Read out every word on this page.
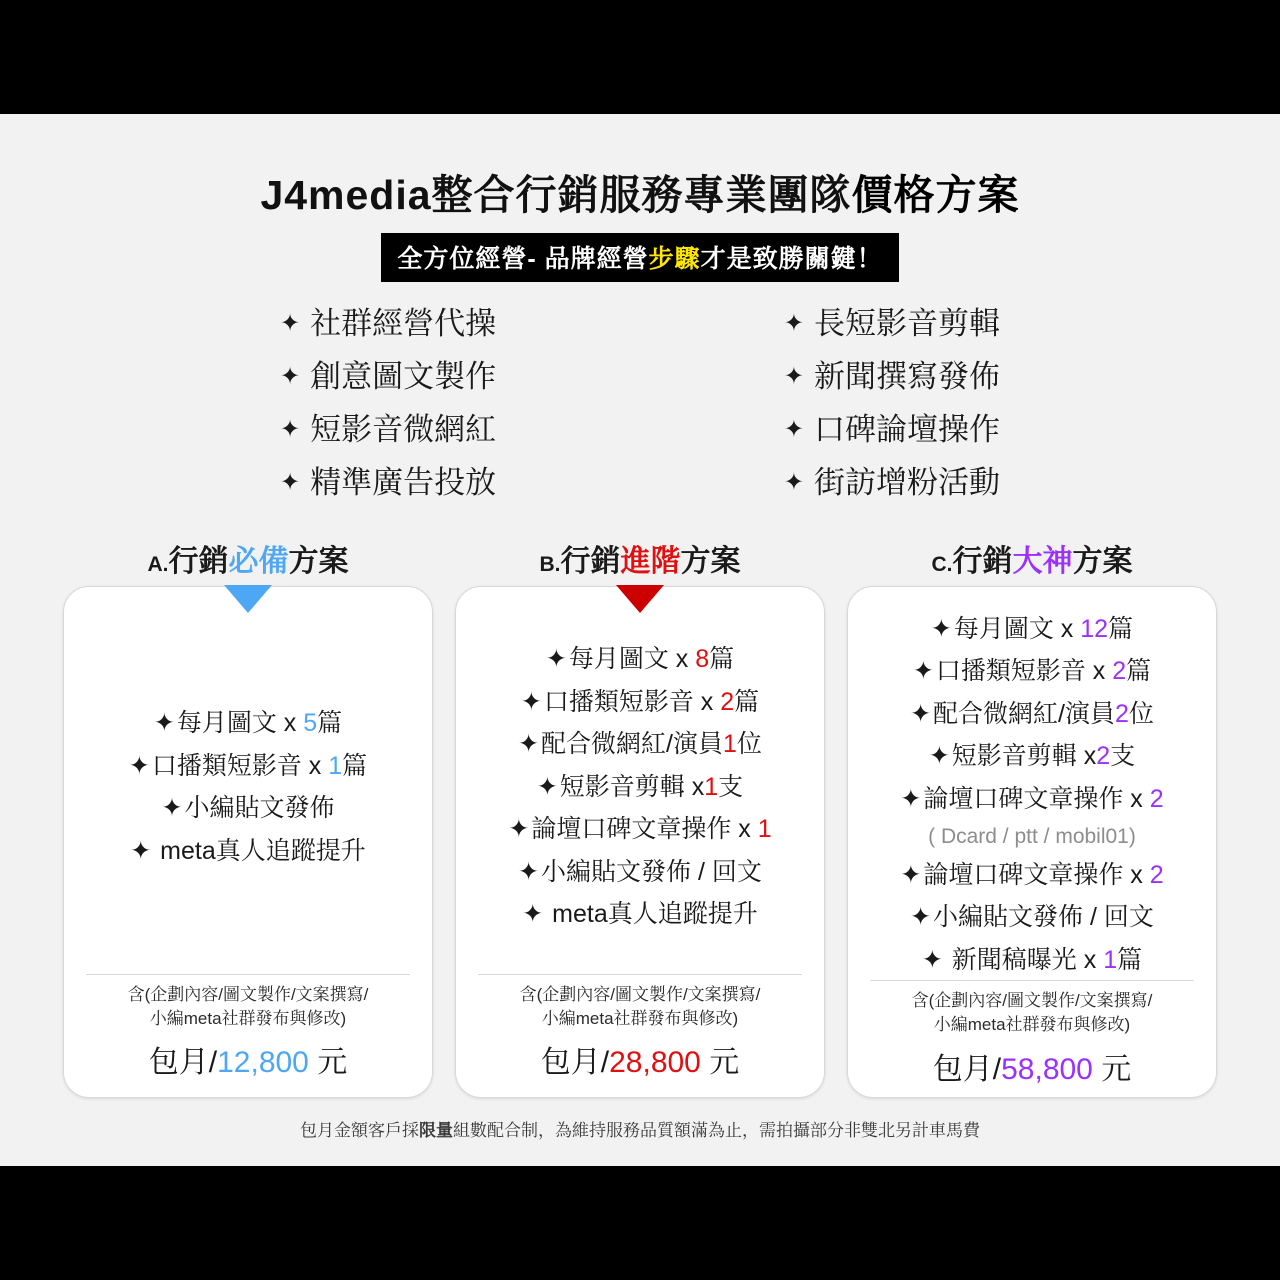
J4media整合行銷服務專業團隊價格方案
全方位經營- 品牌經營步驟才是致勝關鍵！
✦ 社群經營代操
✦ 創意圖文製作
✦ 短影音微網紅
✦ 精準廣告投放
✦ 長短影音剪輯
✦ 新聞撰寫發佈
✦ 口碑論壇操作
✦ 街訪增粉活動
A.行銷必備方案
✦每月圖文 x 5篇
✦口播類短影音 x 1篇
✦小編貼文發佈
✦ meta真人追蹤提升
含(企劃內容/圖文製作/文案撰寫/
小編meta社群發布與修改)
包月/12,800 元
B.行銷進階方案
✦每月圖文 x 8篇
✦口播類短影音 x 2篇
✦配合微網紅/演員1位
✦短影音剪輯 x1支
✦論壇口碑文章操作 x 1
✦小編貼文發佈 / 回文
✦ meta真人追蹤提升
含(企劃內容/圖文製作/文案撰寫/
小編meta社群發布與修改)
包月/28,800 元
C.行銷大神方案
✦每月圖文 x 12篇
✦口播類短影音 x 2篇
✦配合微網紅/演員2位
✦短影音剪輯 x2支
✦論壇口碑文章操作 x 2
( Dcard / ptt / mobil01)
✦論壇口碑文章操作 x 2
✦小編貼文發佈 / 回文
✦ 新聞稿曝光 x 1篇
含(企劃內容/圖文製作/文案撰寫/
小編meta社群發布與修改)
包月/58,800 元
包月金額客戶採限量組數配合制，為維持服務品質額滿為止，需拍攝部分非雙北另計車馬費
